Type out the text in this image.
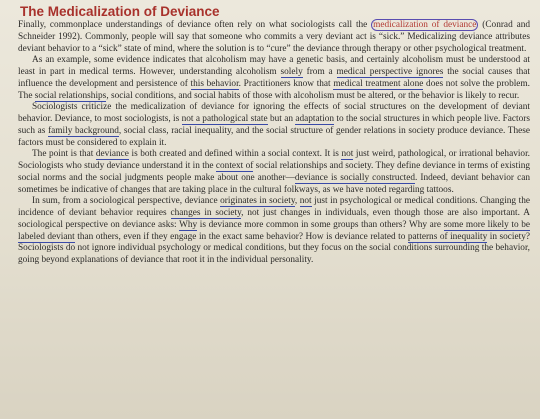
The Medicalization of Deviance

Finally, commonplace understandings of deviance often rely on what sociologists call the medicalization of deviance (Conrad and Schneider 1992). Commonly, people will say that someone who commits a very deviant act is “sick.” Medicalizing deviance attributes deviant behavior to a “sick” state of mind, where the solution is to “cure” the deviance through therapy or other psychological treatment.

As an example, some evidence indicates that alcoholism may have a genetic basis, and certainly alcoholism must be understood at least in part in medical terms. However, understanding alcoholism solely from a medical perspective ignores the social causes that influence the development and persistence of this behavior. Practitioners know that medical treatment alone does not solve the problem. The social relationships, social conditions, and social habits of those with alcoholism must be altered, or the behavior is likely to recur.

Sociologists criticize the medicalization of deviance for ignoring the effects of social structures on the development of deviant behavior. Deviance, to most sociologists, is not a pathological state but an adaptation to the social structures in which people live. Factors such as family background, social class, racial inequality, and the social structure of gender relations in society produce deviance. These factors must be considered to explain it.

The point is that deviance is both created and defined within a social context. It is not just weird, pathological, or irrational behavior. Sociologists who study deviance understand it in the context of social relationships and society. They define deviance in terms of existing social norms and the social judgments people make about one another—deviance is socially constructed. Indeed, deviant behavior can sometimes be indicative of changes that are taking place in the cultural folkways, as we have noted regarding tattoos.

In sum, from a sociological perspective, deviance originates in society, not just in psychological or medical conditions. Changing the incidence of deviant behavior requires changes in society, not just changes in individuals, even though those are also important. A sociological perspective on deviance asks: Why is deviance more common in some groups than others? Why are some more likely to be labeled deviant than others, even if they engage in the exact same behavior? How is deviance related to patterns of inequality in society? Sociologists do not ignore individual psychology or medical conditions, but they focus on the social conditions surrounding the behavior, going beyond explanations of deviance that root it in the individual personality.
